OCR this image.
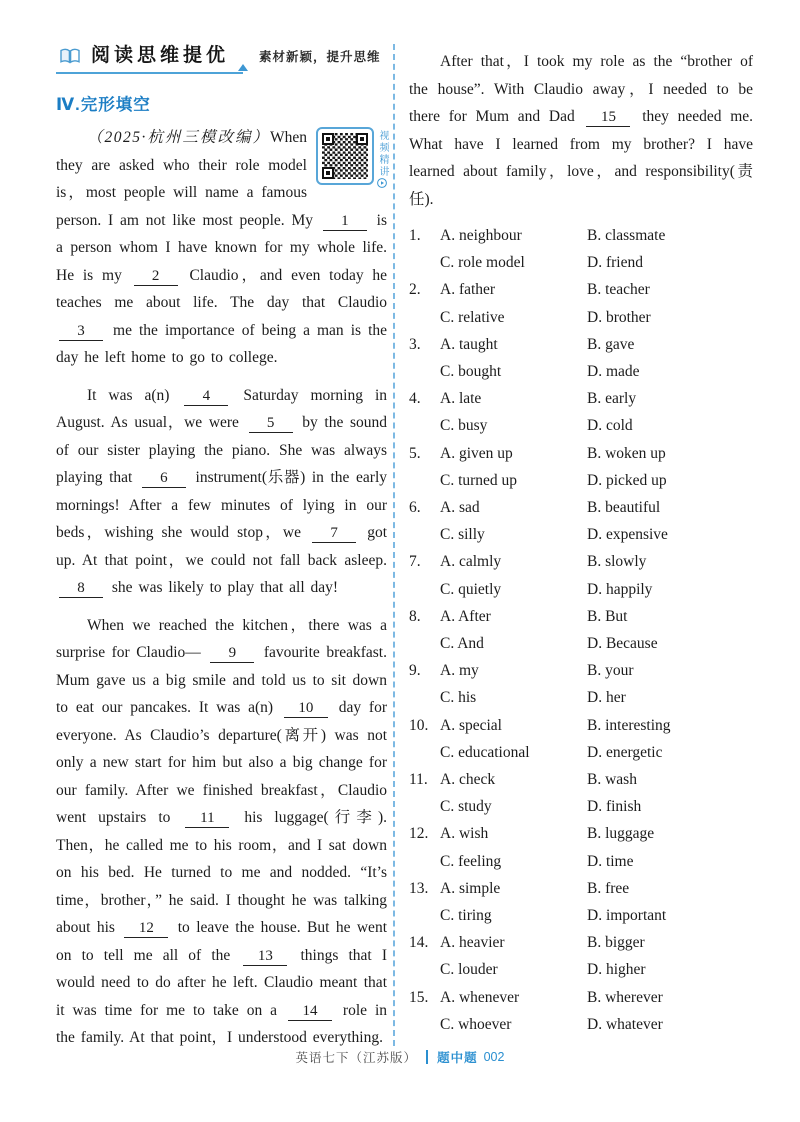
阅读思维提优 素材新颖，提升思维
Ⅳ.完形填空
视频精讲

（2025·杭州三模改编）When they are asked who their role model is，most people will name a famous person. I am not like most people. My 1 is a person whom I have known for my whole life. He is my 2 Claudio，and even today he teaches me about life. The day that Claudio 3 me the importance of being a man is the day he left home to go to college.

It was a(n) 4 Saturday morning in August. As usual，we were 5 by the sound of our sister playing the piano. She was always playing that 6 instrument(乐器) in the early mornings! After a few minutes of lying in our beds，wishing she would stop，we 7 got up. At that point，we could not fall back asleep. 8 she was likely to play that all day!

When we reached the kitchen，there was a surprise for Claudio— 9 favourite breakfast. Mum gave us a big smile and told us to sit down to eat our pancakes. It was a(n) 10 day for everyone. As Claudio’s departure(离开) was not only a new start for him but also a big change for our family. After we finished breakfast，Claudio went upstairs to 11 his luggage(行李). Then，he called me to his room，and I sat down on his bed. He turned to me and nodded. “It’s time，brother，” he said. I thought he was talking about his 12 to leave the house. But he went on to tell me all of the 13 things that I would need to do after he left. Claudio meant that it was time for me to take on a 14 role in the family. At that point，I understood everything.

After that，I took my role as the “brother of the house”. With Claudio away，I needed to be there for Mum and Dad 15 they needed me. What have I learned from my brother? I have learned about family，love，and responsibility(责任).

1.	A. neighbour	B. classmate
C. role model	D. friend
2.	A. father	B. teacher
C. relative	D. brother
3.	A. taught	B. gave
C. bought	D. made
4.	A. late	B. early
C. busy	D. cold
5.	A. given up	B. woken up
C. turned up	D. picked up
6.	A. sad	B. beautiful
C. silly	D. expensive
7.	A. calmly	B. slowly
C. quietly	D. happily
8.	A. After	B. But
C. And	D. Because
9.	A. my	B. your
C. his	D. her
10. A. special	B. interesting
C. educational	D. energetic
11. A. check	B. wash
C. study	D. finish
12. A. wish	B. luggage
C. feeling	D. time
13. A. simple	B. free
C. tiring	D. important
14. A. heavier	B. bigger
C. louder	D. higher
15. A. whenever	B. wherever
C. whoever	D. whatever
英语七下（江苏版） 题中题 002
